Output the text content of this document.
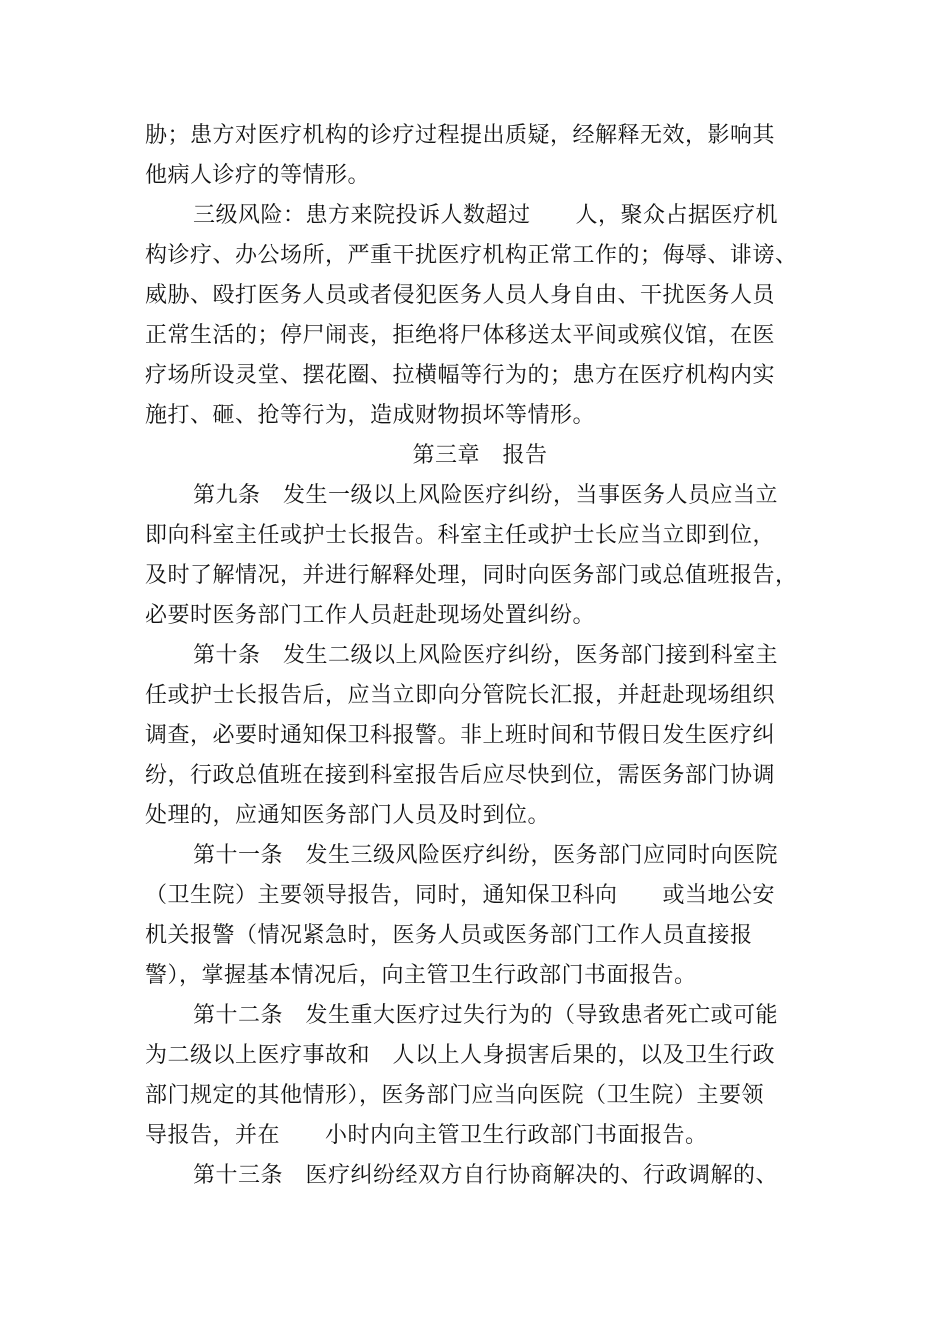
胁；患方对医疗机构的诊疗过程提出质疑，经解释无效，影响其
他病人诊疗的等情形。
三级风险：患方来院投诉人数超过　　人，聚众占据医疗机
构诊疗、办公场所，严重干扰医疗机构正常工作的；侮辱、诽谤、
威胁、殴打医务人员或者侵犯医务人员人身自由、干扰医务人员
正常生活的；停尸闹丧，拒绝将尸体移送太平间或殡仪馆，在医
疗场所设灵堂、摆花圈、拉横幅等行为的；患方在医疗机构内实
施打、砸、抢等行为，造成财物损坏等情形。
第三章　报告
第九条　发生一级以上风险医疗纠纷，当事医务人员应当立
即向科室主任或护士长报告。科室主任或护士长应当立即到位，
及时了解情况，并进行解释处理，同时向医务部门或总值班报告，
必要时医务部门工作人员赶赴现场处置纠纷。
第十条　发生二级以上风险医疗纠纷，医务部门接到科室主
任或护士长报告后，应当立即向分管院长汇报，并赶赴现场组织
调查，必要时通知保卫科报警。非上班时间和节假日发生医疗纠
纷，行政总值班在接到科室报告后应尽快到位，需医务部门协调
处理的，应通知医务部门人员及时到位。
第十一条　发生三级风险医疗纠纷，医务部门应同时向医院
（卫生院）主要领导报告，同时，通知保卫科向　　或当地公安
机关报警（情况紧急时，医务人员或医务部门工作人员直接报
警），掌握基本情况后，向主管卫生行政部门书面报告。
第十二条　发生重大医疗过失行为的（导致患者死亡或可能
为二级以上医疗事故和　人以上人身损害后果的，以及卫生行政
部门规定的其他情形），医务部门应当向医院（卫生院）主要领
导报告，并在　　小时内向主管卫生行政部门书面报告。
第十三条　医疗纠纷经双方自行协商解决的、行政调解的、
